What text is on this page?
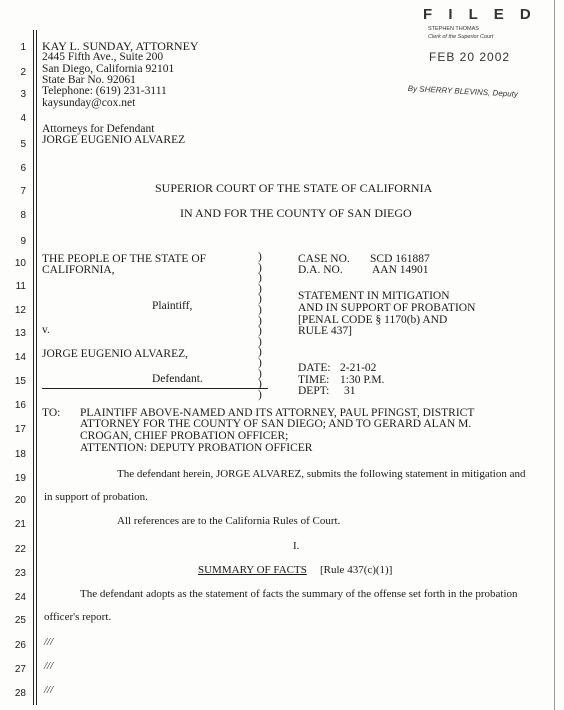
F I L E D
STEPHEN THOMAS
Clerk of the Superior Court
FEB 20 2002
By SHERRY BLEVINS, Deputy
1
2
3
4
5
6
7
8
9
10
11
12
13
14
15
16
17
18
19
20
21
22
23
24
25
26
27
28
KAY L. SUNDAY, ATTORNEY
2445 Fifth Ave., Suite 200
San Diego, California 92101
State Bar No. 92061
Telephone: (619) 231-3111
kaysunday@cox.net
Attorneys for Defendant
JORGE EUGENIO ALVAREZ
SUPERIOR COURT OF THE STATE OF CALIFORNIA
IN AND FOR THE COUNTY OF SAN DIEGO
THE PEOPLE OF THE STATE OF
CALIFORNIA,
Plaintiff,
v.
JORGE EUGENIO ALVAREZ,
Defendant.
)
)
)
)
)
)
)
)
)
)
)
)
)
)
CASE NO. SCD 161887
D.A. NO.	AAN 14901
STATEMENT IN MITIGATION
AND IN SUPPORT OF PROBATION
[PENAL CODE § 1170(b) AND
RULE 437]
DATE: 2-21-02
TIME: 1:30 P.M.
DEPT: 31
TO: PLAINTIFF ABOVE-NAMED AND ITS ATTORNEY, PAUL PFINGST, DISTRICT
ATTORNEY FOR THE COUNTY OF SAN DIEGO; AND TO GERARD ALAN M.
CROGAN, CHIEF PROBATION OFFICER;
ATTENTION: DEPUTY PROBATION OFFICER
The defendant herein, JORGE ALVAREZ, submits the following statement in mitigation and
in support of probation.
All references are to the California Rules of Court.
I.
SUMMARY OF FACTS [Rule 437(c)(1)]
The defendant adopts as the statement of facts the summary of the offense set forth in the probation
officer's report.
///
///
///
